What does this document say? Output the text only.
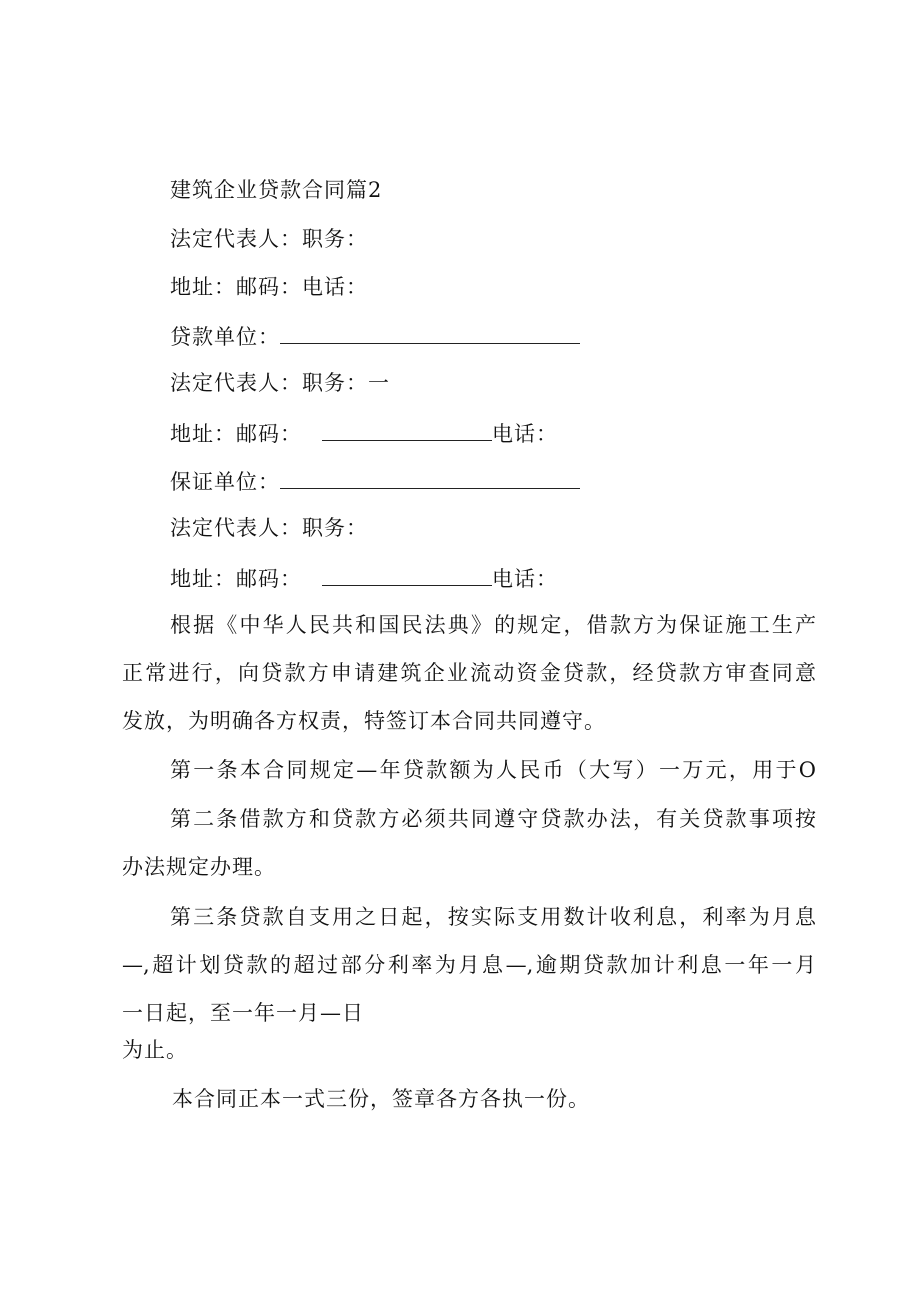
建筑企业贷款合同篇2
法定代表人：职务：
地址：邮码：电话：
贷款单位：
法定代表人：职务：一
地址：邮码：	电话：
保证单位：
法定代表人：职务：
地址：邮码：	电话：
根据《中华人民共和国民法典》的规定，借款方为保证施工生产
正常进行，向贷款方申请建筑企业流动资金贷款，经贷款方审查同意
发放，为明确各方权责，特签订本合同共同遵守。
第一条本合同规定—年贷款额为人民币（大写）一万元，用于O
第二条借款方和贷款方必须共同遵守贷款办法，有关贷款事项按
办法规定办理。
第三条贷款自支用之日起，按实际支用数计收利息，利率为月息
—,超计划贷款的超过部分利率为月息—,逾期贷款加计利息一年一月
一日起，至一年一月—日
为止。
本合同正本一式三份，签章各方各执一份。
